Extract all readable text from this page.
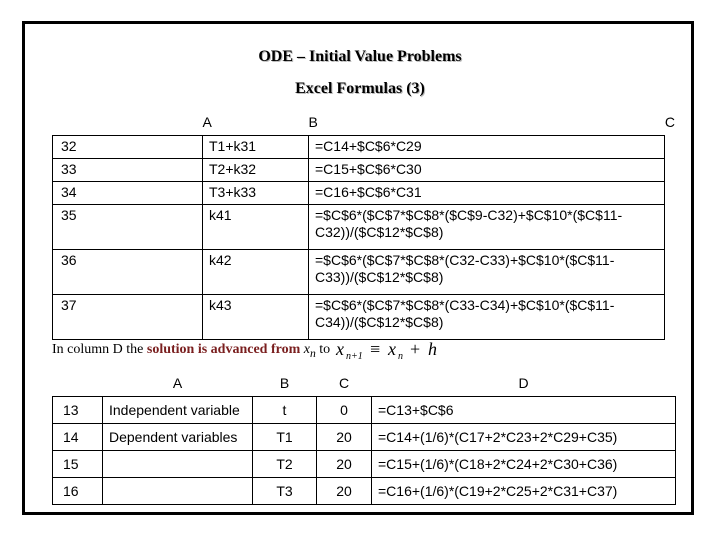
ODE – Initial Value Problems
Excel Formulas (3)
	A	B	C
32	T1+k31	=C14+$C$6*C29	
33	T2+k32	=C15+$C$6*C30	
34	T3+k33	=C16+$C$6*C31	
35	k41	=$C$6*($C$7*$C$8*($C$9-C32)+$C$10*($C$11-C32))/($C$12*$C$8)	
36	k42	=$C$6*($C$7*$C$8*(C32-C33)+$C$10*($C$11-C33))/($C$12*$C$8)	
37	k43	=$C$6*($C$7*$C$8*(C33-C34)+$C$10*($C$11-C34))/($C$12*$C$8)	
In column D the solution is advanced from $x_n$ to x n+1 ≡ x n + h
	A	B	C	D
13	Independent variable	t	0	=C13+$C$6
14	Dependent variables	T1	20	=C14+(1/6)*(C17+2*C23+2*C29+C35)
15		T2	20	=C15+(1/6)*(C18+2*C24+2*C30+C36)
16		T3	20	=C16+(1/6)*(C19+2*C25+2*C31+C37)
